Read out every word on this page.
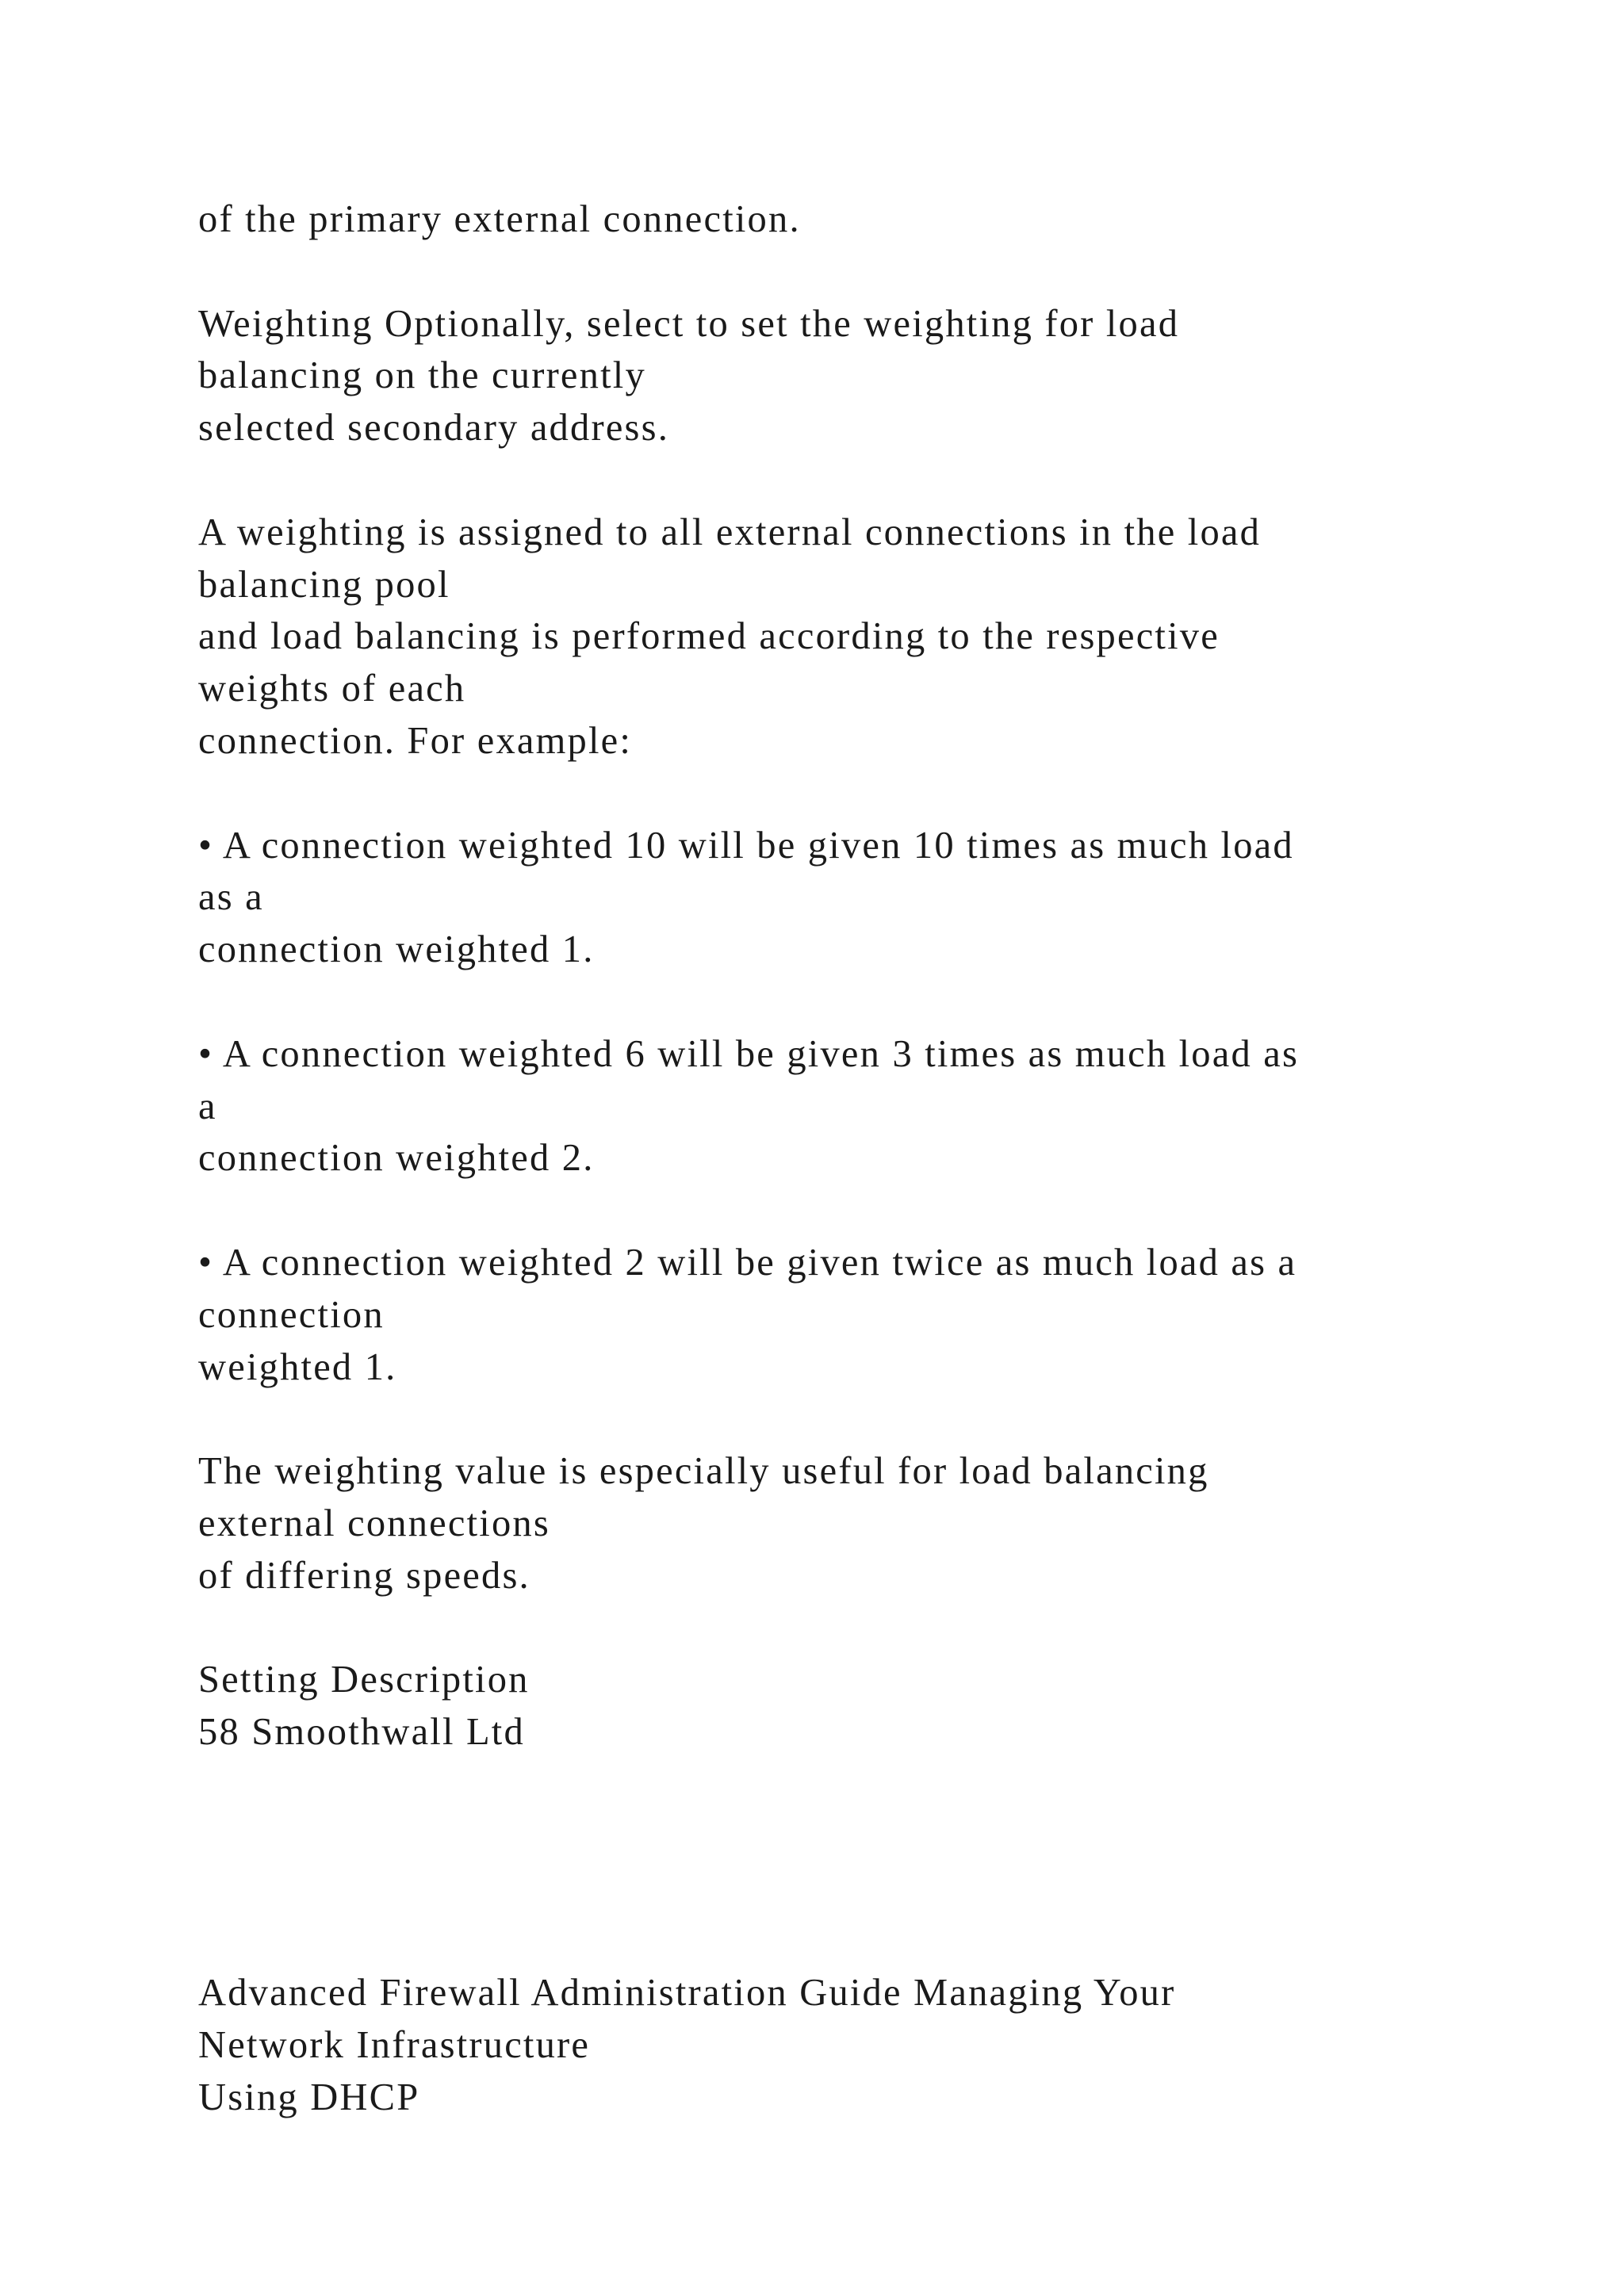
of the primary external connection.
Weighting Optionally, select to set the weighting for load
balancing on the currently
selected secondary address.
A weighting is assigned to all external connections in the load
balancing pool
and load balancing is performed according to the respective
weights of each
connection. For example:
• A connection weighted 10 will be given 10 times as much load
as a
connection weighted 1.
• A connection weighted 6 will be given 3 times as much load as
a
connection weighted 2.
• A connection weighted 2 will be given twice as much load as a
connection
weighted 1.
The weighting value is especially useful for load balancing
external connections
of differing speeds.
Setting Description
58 Smoothwall Ltd
Advanced Firewall Administration Guide Managing Your
Network Infrastructure
Using DHCP
